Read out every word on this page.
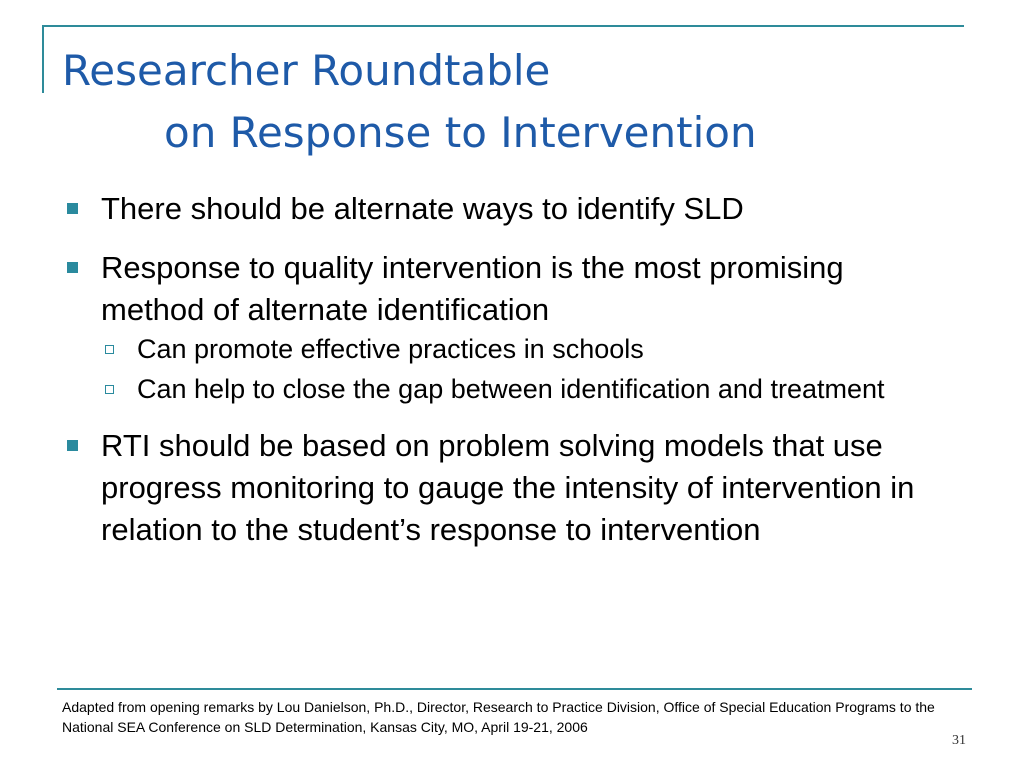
Researcher Roundtable
on Response to Intervention
There should be alternate ways to identify SLD
Response to quality intervention is the most promising method of alternate identification
Can promote effective practices in schools
Can help to close the gap between identification and treatment
RTI should be based on problem solving models that use progress monitoring to gauge the intensity of intervention in relation to the student’s response to intervention

Adapted from opening remarks by Lou Danielson, Ph.D., Director, Research to Practice Division, Office of Special Education Programs to the National SEA Conference on SLD Determination, Kansas City, MO, April 19-21, 2006

31
